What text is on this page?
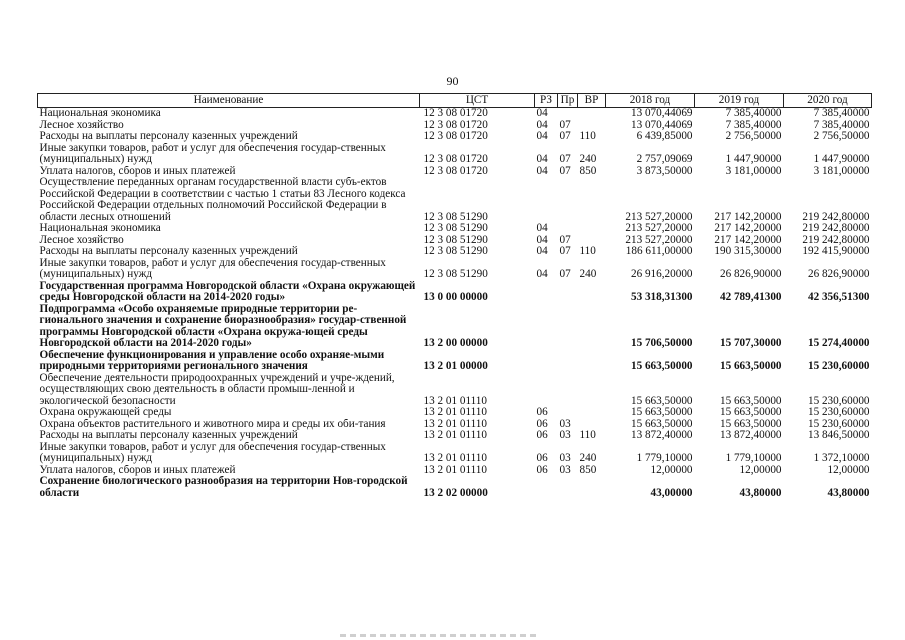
90
Наименование	ЦСТ	РЗ	Пр	ВР	2018 год	2019 год	2020 год
Национальная экономика	12 3 08 01720	04			13 070,44069	7 385,40000	7 385,40000
Лесное хозяйство	12 3 08 01720	04	07		13 070,44069	7 385,40000	7 385,40000
Расходы на выплаты персоналу казенных учреждений	12 3 08 01720	04	07	110	6 439,85000	2 756,50000	2 756,50000
Иные закупки товаров, работ и услуг для обеспечения государ-ственных (муниципальных) нужд	12 3 08 01720	04	07	240	2 757,09069	1 447,90000	1 447,90000
Уплата налогов, сборов и иных платежей	12 3 08 01720	04	07	850	3 873,50000	3 181,00000	3 181,00000
Осуществление переданных органам государственной власти субъ-ектов Российской Федерации в соответствии с частью 1 статьи 83 Лесного кодекса Российской Федерации отдельных полномочий Российской Федерации в области лесных отношений	12 3 08 51290				213 527,20000	217 142,20000	219 242,80000
Национальная экономика	12 3 08 51290	04			213 527,20000	217 142,20000	219 242,80000
Лесное хозяйство	12 3 08 51290	04	07		213 527,20000	217 142,20000	219 242,80000
Расходы на выплаты персоналу казенных учреждений	12 3 08 51290	04	07	110	186 611,00000	190 315,30000	192 415,90000
Иные закупки товаров, работ и услуг для обеспечения государ-ственных (муниципальных) нужд	12 3 08 51290	04	07	240	26 916,20000	26 826,90000	26 826,90000
Государственная программа Новгородской области «Охрана окружающей среды Новгородской области на 2014-2020 годы»	13 0 00 00000				53 318,31300	42 789,41300	42 356,51300
Подпрограмма «Особо охраняемые природные территории ре-гионального значения и сохранение биоразнообразия» государ-ственной программы Новгородской области «Охрана окружа-ющей среды Новгородской области на 2014-2020 годы»	13 2 00 00000				15 706,50000	15 707,30000	15 274,40000
Обеспечение функционирования и управление особо охраняе-мыми природными территориями регионального значения	13 2 01 00000				15 663,50000	15 663,50000	15 230,60000
Обеспечение деятельности природоохранных учреждений и учре-ждений, осуществляющих свою деятельность в области промыш-ленной и экологической безопасности	13 2 01 01110				15 663,50000	15 663,50000	15 230,60000
Охрана окружающей среды	13 2 01 01110	06			15 663,50000	15 663,50000	15 230,60000
Охрана объектов растительного и животного мира и среды их оби-тания	13 2 01 01110	06	03		15 663,50000	15 663,50000	15 230,60000
Расходы на выплаты персоналу казенных учреждений	13 2 01 01110	06	03	110	13 872,40000	13 872,40000	13 846,50000
Иные закупки товаров, работ и услуг для обеспечения государ-ственных (муниципальных) нужд	13 2 01 01110	06	03	240	1 779,10000	1 779,10000	1 372,10000
Уплата налогов, сборов и иных платежей	13 2 01 01110	06	03	850	12,00000	12,00000	12,00000
Сохранение биологического разнообразия на территории Нов-городской области	13 2 02 00000				43,00000	43,80000	43,80000
